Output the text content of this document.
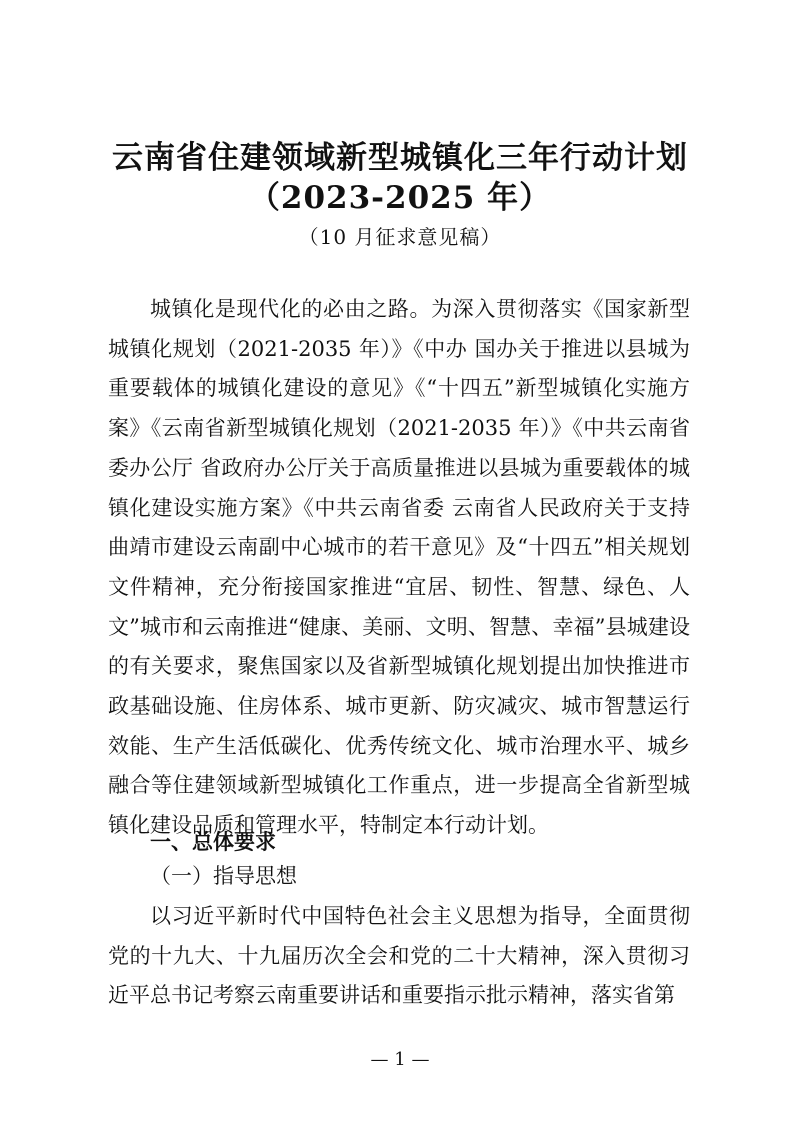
云南省住建领域新型城镇化三年行动计划
（2023-2025 年）
（10 月征求意见稿）

城镇化是现代化的必由之路。为深入贯彻落实《国家新型城镇化规划（2021-2035 年）》《中办 国办关于推进以县城为重要载体的城镇化建设的意见》《“十四五”新型城镇化实施方案》《云南省新型城镇化规划（2021-2035 年）》《中共云南省委办公厅 省政府办公厅关于高质量推进以县城为重要载体的城镇化建设实施方案》《中共云南省委 云南省人民政府关于支持曲靖市建设云南副中心城市的若干意见》及“十四五”相关规划文件精神，充分衔接国家推进“宜居、韧性、智慧、绿色、人文”城市和云南推进“健康、美丽、文明、智慧、幸福”县城建设的有关要求，聚焦国家以及省新型城镇化规划提出加快推进市政基础设施、住房体系、城市更新、防灾减灾、城市智慧运行效能、生产生活低碳化、优秀传统文化、城市治理水平、城乡融合等住建领域新型城镇化工作重点，进一步提高全省新型城镇化建设品质和管理水平，特制定本行动计划。

一、总体要求
（一）指导思想

以习近平新时代中国特色社会主义思想为指导，全面贯彻党的十九大、十九届历次全会和党的二十大精神，深入贯彻习近平总书记考察云南重要讲话和重要指示批示精神，落实省第

— 1 —
